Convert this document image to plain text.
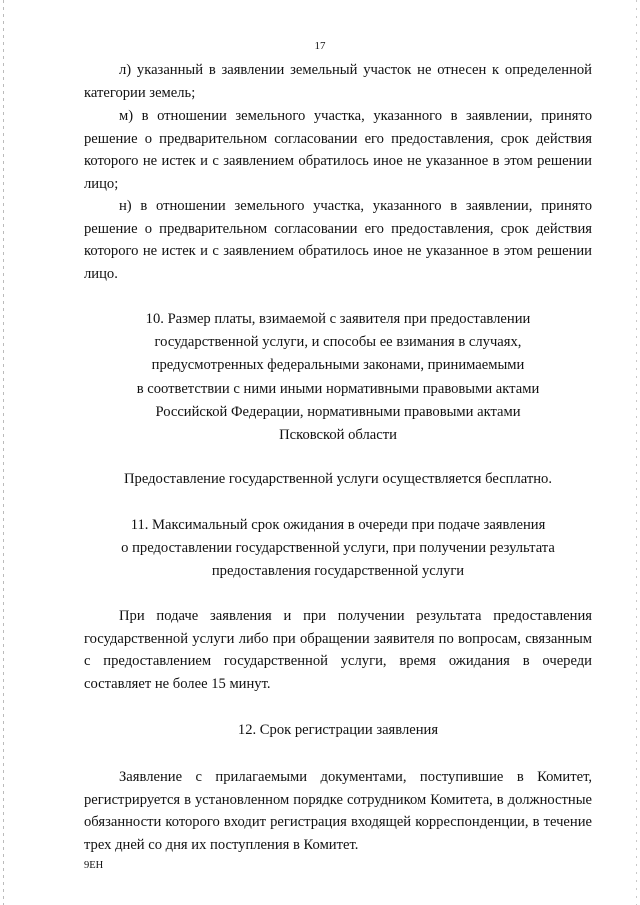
17

л) указанный в заявлении земельный участок не отнесен к определенной категории земель;

м) в отношении земельного участка, указанного в заявлении, принято решение о предварительном согласовании его предоставления, срок действия которого не истек и с заявлением обратилось иное не указанное в этом решении лицо;

н) в отношении земельного участка, указанного в заявлении, принято решение о предварительном согласовании его предоставления, срок действия которого не истек и с заявлением обратилось иное не указанное в этом решении лицо.

10. Размер платы, взимаемой с заявителя при предоставлении
государственной услуги, и способы ее взимания в случаях,
предусмотренных федеральными законами, принимаемыми
в соответствии с ними иными нормативными правовыми актами
Российской Федерации, нормативными правовыми актами
Псковской области

Предоставление государственной услуги осуществляется бесплатно.

11. Максимальный срок ожидания в очереди при подаче заявления
о предоставлении государственной услуги, при получении результата
предоставления государственной услуги

При подаче заявления и при получении результата предоставления государственной услуги либо при обращении заявителя по вопросам, связанным с предоставлением государственной услуги, время ожидания в очереди составляет не более 15 минут.

12. Срок регистрации заявления

Заявление с прилагаемыми документами, поступившие в Комитет, регистрируется в установленном порядке сотрудником Комитета, в должностные обязанности которого входит регистрация входящей корреспонденции, в течение трех дней со дня их поступления в Комитет.

9ЕН
